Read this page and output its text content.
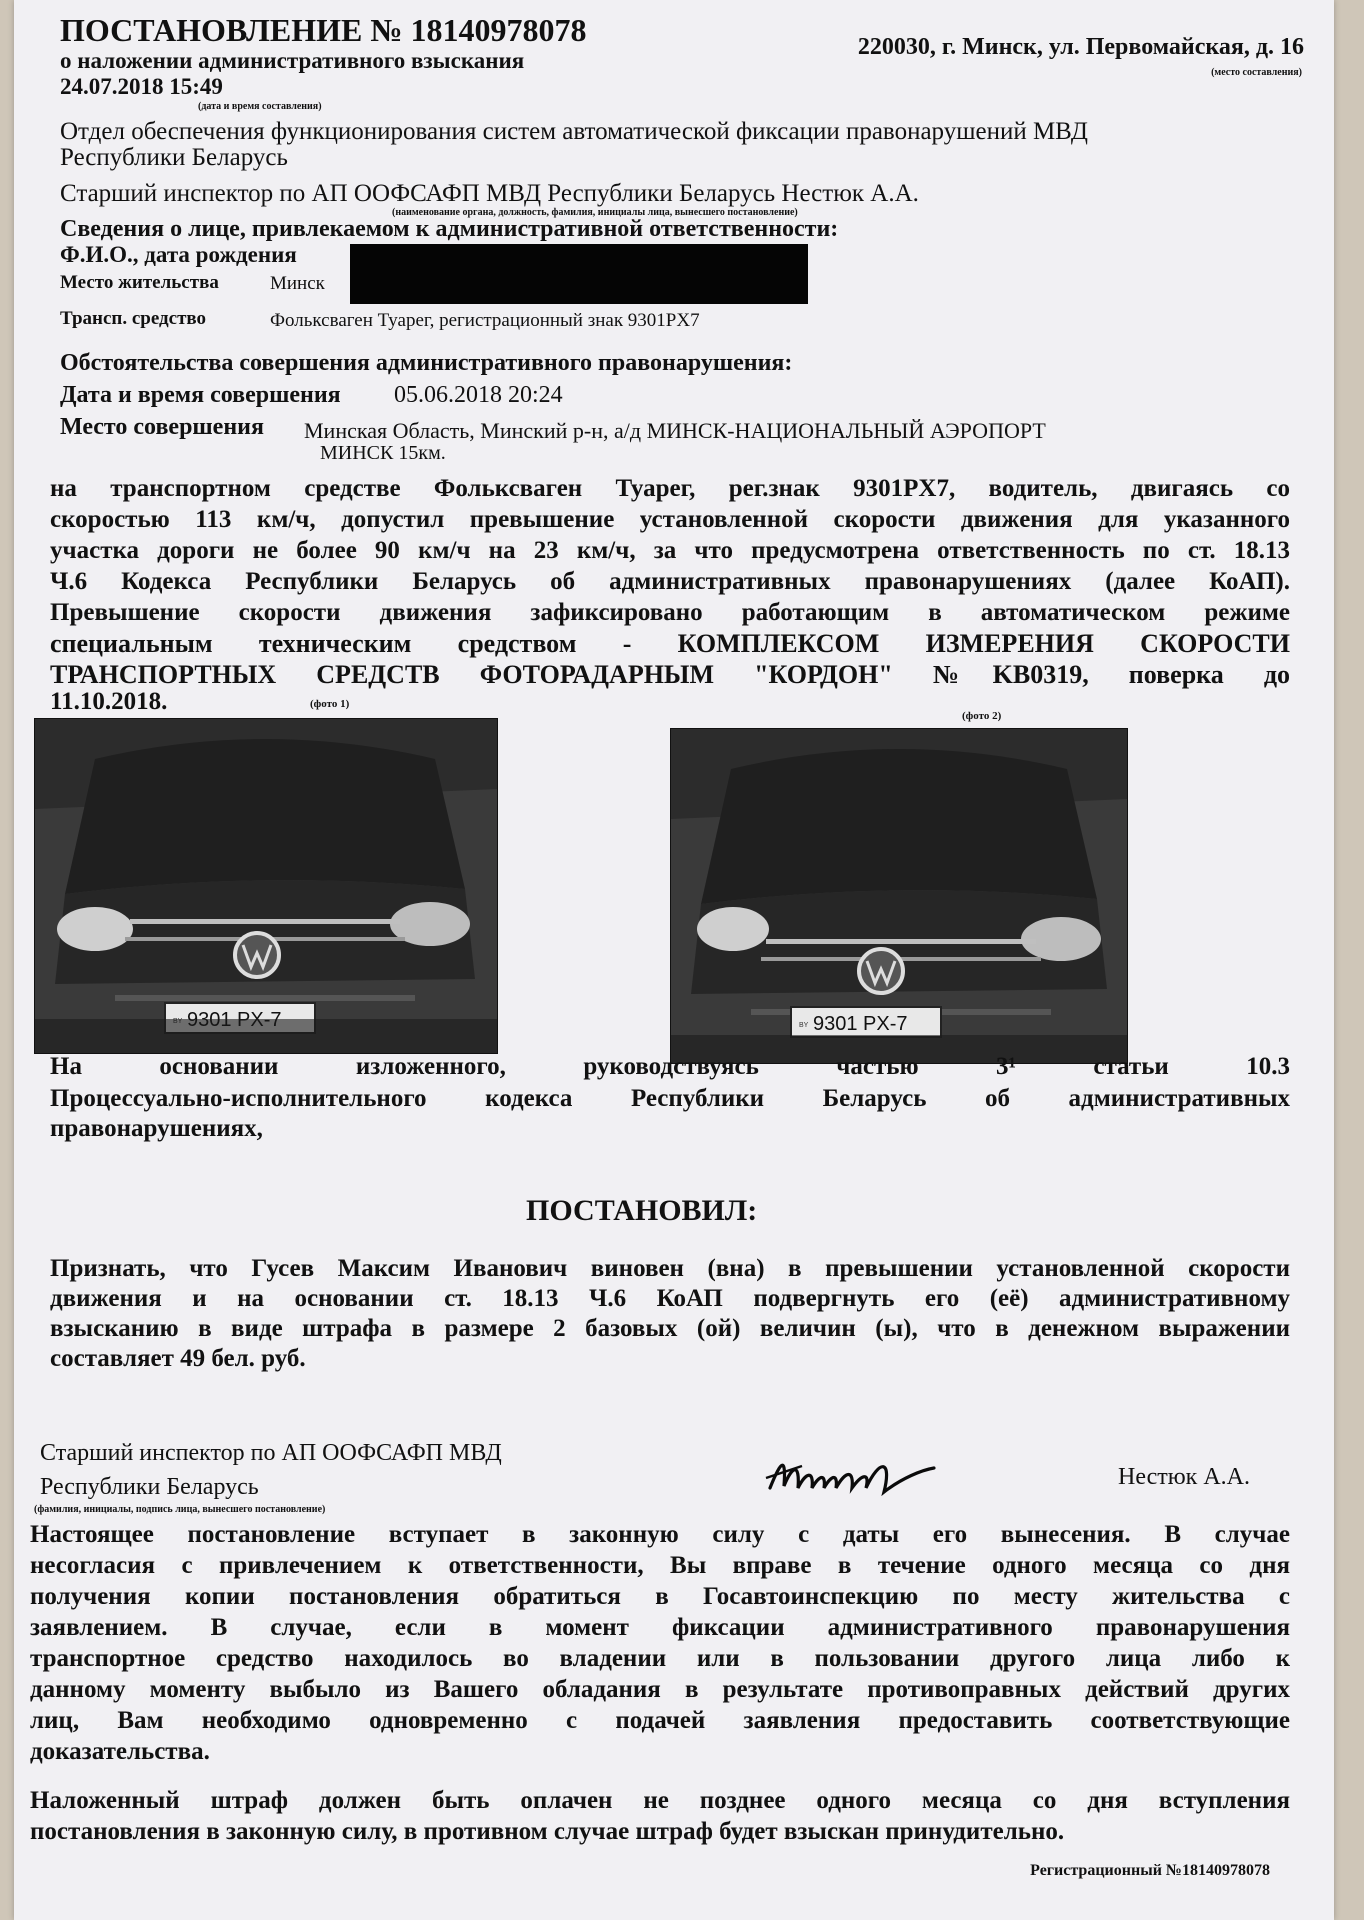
ПОСТАНОВЛЕНИЕ № 18140978078
о наложении административного взыскания
24.07.2018 15:49
(дата и время составления)
220030, г. Минск, ул. Первомайская, д. 16
(место составления)
Отдел обеспечения функционирования систем автоматической фиксации правонарушений МВД
Республики Беларусь
Старший инспектор по АП ООФСАФП МВД Республики Беларусь Нестюк А.А.
(наименование органа, должность, фамилия, инициалы лица, вынесшего постановление)
Сведения о лице, привлекаемом к административной ответственности:
Ф.И.О., дата рождения
Место жительства	Минск
Трансп. средство	Фольксваген Туарег, регистрационный знак 9301PX7
Обстоятельства совершения административного правонарушения:
Дата и время совершения 05.06.2018 20:24
Место совершения Минская Область, Минский р-н, а/д МИНСК-НАЦИОНАЛЬНЫЙ АЭРОПОРТ
МИНСК 15км.
на транспортном средстве Фольксваген Туарег, рег.знак 9301PX7, водитель, двигаясь со
скоростью 113 км/ч, допустил превышение установленной скорости движения для указанного
участка дороги не более 90 км/ч на 23 км/ч, за что предусмотрена ответственность по ст. 18.13
Ч.6 Кодекса Республики Беларусь об административных правонарушениях (далее КоАП).
Превышение скорости движения зафиксировано работающим в автоматическом режиме
специальным техническим средством - КОМПЛЕКСОМ ИЗМЕРЕНИЯ СКОРОСТИ
ТРАНСПОРТНЫХ СРЕДСТВ ФОТОРАДАРНЫМ "КОРДОН" №KB0319, поверка до
11.10.2018.	(фото 1)
(фото 2)
BY 9301 PX-7
На основании изложенного, руководствуясь частью 3¹ статьи 10.3
Процессуально-исполнительного кодекса Республики Беларусь об административных
правонарушениях,
ПОСТАНОВИЛ:
Признать, что Гусев Максим Иванович виновен (вна) в превышении установленной скорости
движения и на основании ст. 18.13 Ч.6 КоАП подвергнуть его (её) административному
взысканию в виде штрафа в размере 2 базовых (ой) величин (ы), что в денежном выражении
составляет 49 бел. руб.
Старший инспектор по АП ООФСАФП МВД
Республики Беларусь
(фамилия, инициалы, подпись лица, вынесшего постановление)
Нестюк А.А.
Настоящее постановление вступает в законную силу с даты его вынесения. В случае
несогласия с привлечением к ответственности, Вы вправе в течение одного месяца со дня
получения копии постановления обратиться в Госавтоинспекцию по месту жительства с
заявлением. В случае, если в момент фиксации административного правонарушения
транспортное средство находилось во владении или в пользовании другого лица либо к
данному моменту выбыло из Вашего обладания в результате противоправных действий других
лиц, Вам необходимо одновременно с подачей заявления предоставить соответствующие
доказательства.
Наложенный штраф должен быть оплачен не позднее одного месяца со дня вступления
постановления в законную силу, в противном случае штраф будет взыскан принудительно.
Регистрационный №18140978078
